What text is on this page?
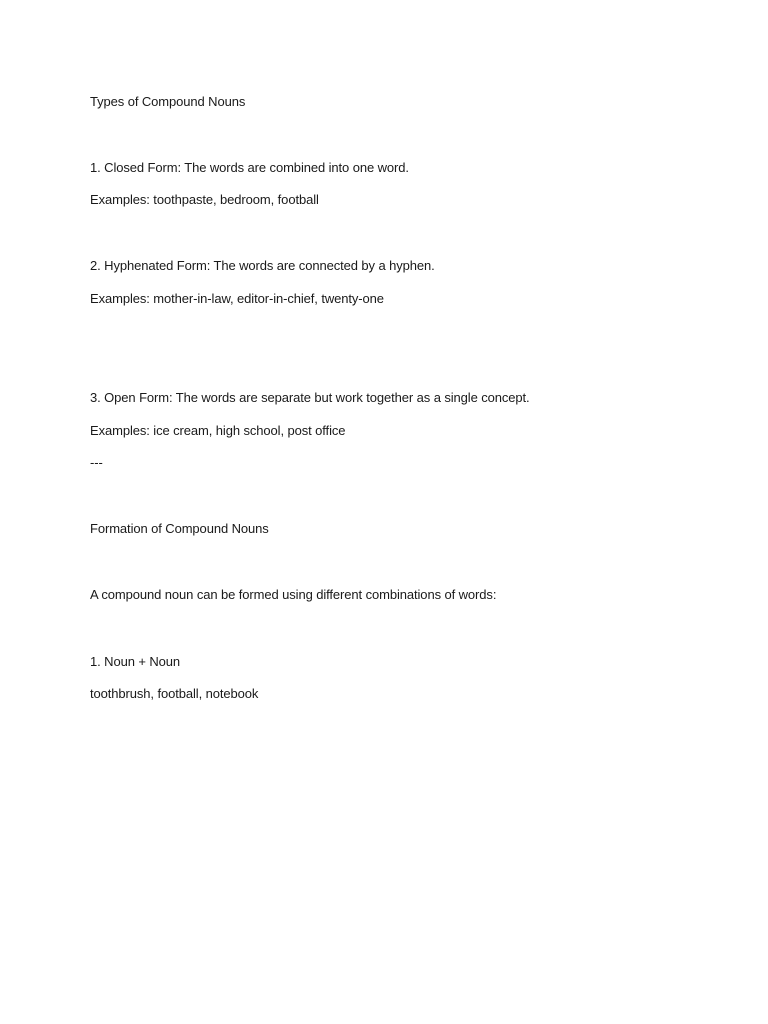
Types of Compound Nouns
1. Closed Form: The words are combined into one word.
Examples: toothpaste, bedroom, football
2. Hyphenated Form: The words are connected by a hyphen.
Examples: mother-in-law, editor-in-chief, twenty-one
3. Open Form: The words are separate but work together as a single concept.
Examples: ice cream, high school, post office
---
Formation of Compound Nouns
A compound noun can be formed using different combinations of words:
1. Noun + Noun
toothbrush, football, notebook
